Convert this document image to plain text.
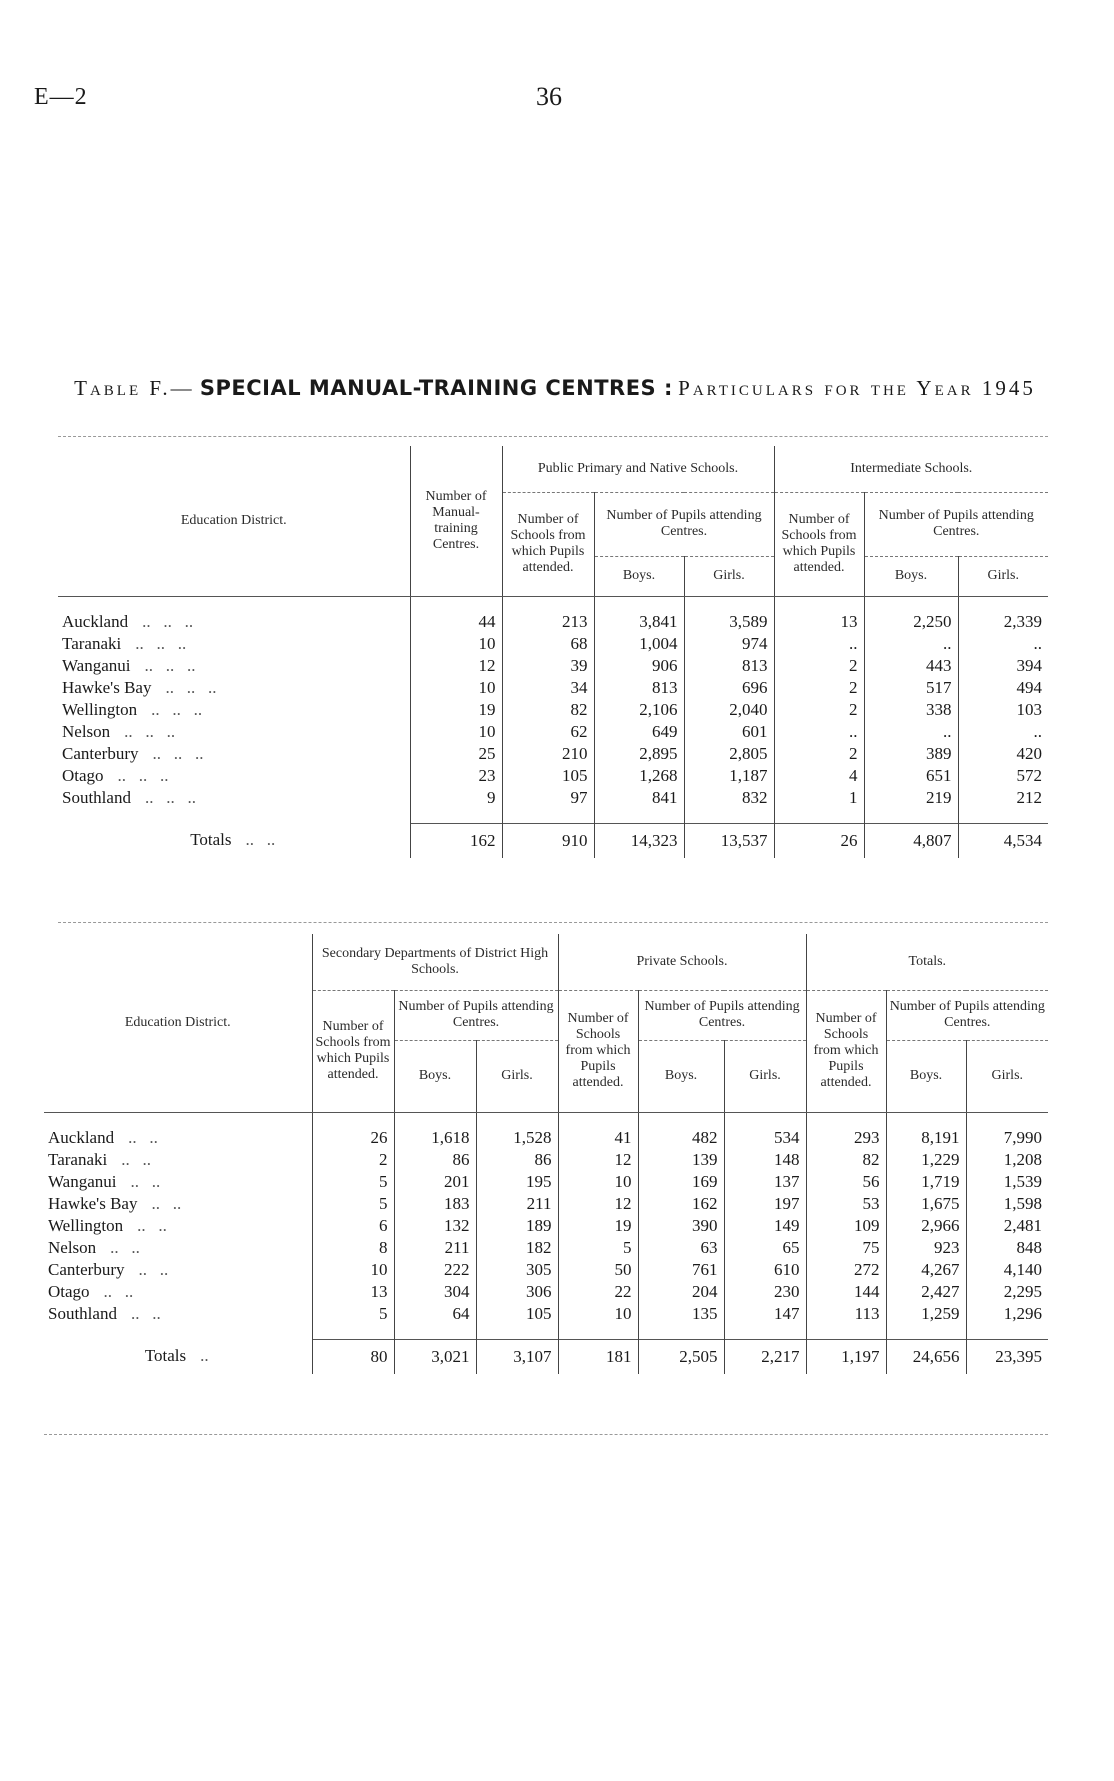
E—2	36
Table F.— SPECIAL MANUAL-TRAINING CENTRES : Particulars for the Year 1945
Education District.	Number of Manual-training Centres.	Public Primary and Native Schools.			Intermediate Schools.		
		Number of Schools from which Pupils attended.	Number of Pupils attending Centres.		Number of Schools from which Pupils attended.	Number of Pupils attending Centres.	
			Boys.	Girls.		Boys.	Girls.

Auckland ..   ..   ..	44	213	3,841	3,589	13	2,250	2,339
Taranaki ..   ..   ..	10	68	1,004	974	..	..	..
Wanganui ..   ..   ..	12	39	906	813	2	443	394
Hawke's Bay ..   ..   ..	10	34	813	696	2	517	494
Wellington ..   ..   ..	19	82	2,106	2,040	2	338	103
Nelson ..   ..   ..	10	62	649	601	..	..	..
Canterbury ..   ..   ..	25	210	2,895	2,805	2	389	420
Otago ..   ..   ..	23	105	1,268	1,187	4	651	572
Southland ..   ..   ..	9	97	841	832	1	219	212

Totals ..   ..	162	910	14,323	13,537	26	4,807	4,534
Education District.	Secondary Departments of District High Schools.			Private Schools.			Totals.		
	Number of Schools from which Pupils attended.	Number of Pupils attending Centres.		Number of Schools from which Pupils attended.	Number of Pupils attending Centres.		Number of Schools from which Pupils attended.	Number of Pupils attending Centres.	
		Boys.	Girls.		Boys.	Girls.		Boys.	Girls.

Auckland ..   ..	26	1,618	1,528	41	482	534	293	8,191	7,990
Taranaki ..   ..	2	86	86	12	139	148	82	1,229	1,208
Wanganui ..   ..	5	201	195	10	169	137	56	1,719	1,539
Hawke's Bay ..   ..	5	183	211	12	162	197	53	1,675	1,598
Wellington ..   ..	6	132	189	19	390	149	109	2,966	2,481
Nelson ..   ..	8	211	182	5	63	65	75	923	848
Canterbury ..   ..	10	222	305	50	761	610	272	4,267	4,140
Otago ..   ..	13	304	306	22	204	230	144	2,427	2,295
Southland ..   ..	5	64	105	10	135	147	113	1,259	1,296

Totals ..	80	3,021	3,107	181	2,505	2,217	1,197	24,656	23,395
